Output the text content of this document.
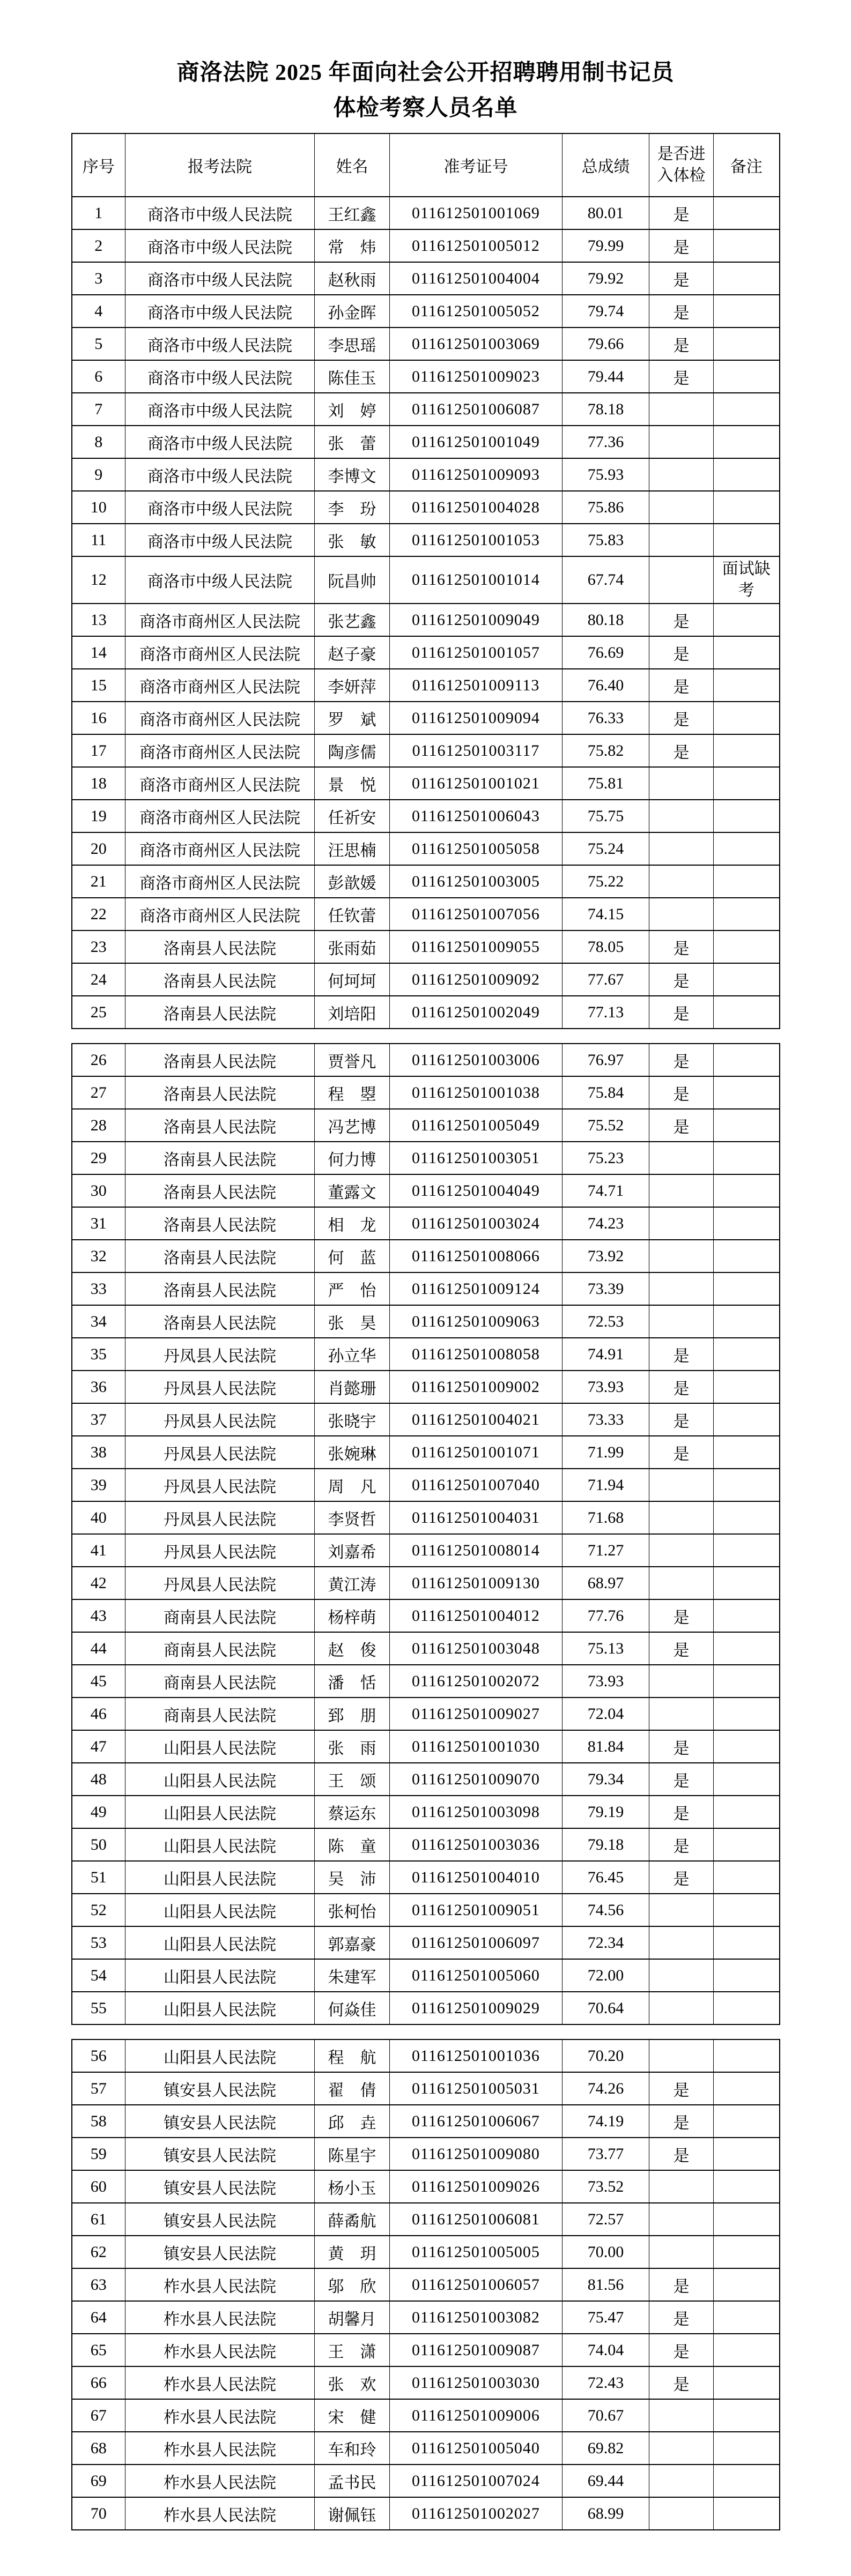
商洛法院 2025 年面向社会公开招聘聘用制书记员
体检考察人员名单
序号	报考法院	姓名	准考证号	总成绩	是否进入体检	备注
1	商洛市中级人民法院	王红鑫	011612501001069	80.01	是	
2	商洛市中级人民法院	常　炜	011612501005012	79.99	是	
3	商洛市中级人民法院	赵秋雨	011612501004004	79.92	是	
4	商洛市中级人民法院	孙金晖	011612501005052	79.74	是	
5	商洛市中级人民法院	李思瑶	011612501003069	79.66	是	
6	商洛市中级人民法院	陈佳玉	011612501009023	79.44	是	
7	商洛市中级人民法院	刘　婷	011612501006087	78.18		
8	商洛市中级人民法院	张　蕾	011612501001049	77.36		
9	商洛市中级人民法院	李博文	011612501009093	75.93		
10	商洛市中级人民法院	李　玢	011612501004028	75.86		
11	商洛市中级人民法院	张　敏	011612501001053	75.83		
12	商洛市中级人民法院	阮昌帅	011612501001014	67.74		面试缺考
13	商洛市商州区人民法院	张艺鑫	011612501009049	80.18	是	
14	商洛市商州区人民法院	赵子豪	011612501001057	76.69	是	
15	商洛市商州区人民法院	李妍萍	011612501009113	76.40	是	
16	商洛市商州区人民法院	罗　斌	011612501009094	76.33	是	
17	商洛市商州区人民法院	陶彦儒	011612501003117	75.82	是	
18	商洛市商州区人民法院	景　悦	011612501001021	75.81		
19	商洛市商州区人民法院	任祈安	011612501006043	75.75		
20	商洛市商州区人民法院	汪思楠	011612501005058	75.24		
21	商洛市商州区人民法院	彭歆媛	011612501003005	75.22		
22	商洛市商州区人民法院	任钦蕾	011612501007056	74.15		
23	洛南县人民法院	张雨茹	011612501009055	78.05	是	
24	洛南县人民法院	何坷坷	011612501009092	77.67	是	
25	洛南县人民法院	刘培阳	011612501002049	77.13	是	
26	洛南县人民法院	贾誉凡	011612501003006	76.97	是	
27	洛南县人民法院	程　曌	011612501001038	75.84	是	
28	洛南县人民法院	冯艺博	011612501005049	75.52	是	
29	洛南县人民法院	何力博	011612501003051	75.23		
30	洛南县人民法院	董露文	011612501004049	74.71		
31	洛南县人民法院	相　龙	011612501003024	74.23		
32	洛南县人民法院	何　蓝	011612501008066	73.92		
33	洛南县人民法院	严　怡	011612501009124	73.39		
34	洛南县人民法院	张　昊	011612501009063	72.53		
35	丹凤县人民法院	孙立华	011612501008058	74.91	是	
36	丹凤县人民法院	肖懿珊	011612501009002	73.93	是	
37	丹凤县人民法院	张晓宇	011612501004021	73.33	是	
38	丹凤县人民法院	张婉琳	011612501001071	71.99	是	
39	丹凤县人民法院	周　凡	011612501007040	71.94		
40	丹凤县人民法院	李贤哲	011612501004031	71.68		
41	丹凤县人民法院	刘嘉希	011612501008014	71.27		
42	丹凤县人民法院	黄江涛	011612501009130	68.97		
43	商南县人民法院	杨梓萌	011612501004012	77.76	是	
44	商南县人民法院	赵　俊	011612501003048	75.13	是	
45	商南县人民法院	潘　恬	011612501002072	73.93		
46	商南县人民法院	郅　朋	011612501009027	72.04		
47	山阳县人民法院	张　雨	011612501001030	81.84	是	
48	山阳县人民法院	王　颂	011612501009070	79.34	是	
49	山阳县人民法院	蔡运东	011612501003098	79.19	是	
50	山阳县人民法院	陈　童	011612501003036	79.18	是	
51	山阳县人民法院	吴　沛	011612501004010	76.45	是	
52	山阳县人民法院	张柯怡	011612501009051	74.56		
53	山阳县人民法院	郭嘉豪	011612501006097	72.34		
54	山阳县人民法院	朱建军	011612501005060	72.00		
55	山阳县人民法院	何焱佳	011612501009029	70.64		
56	山阳县人民法院	程　航	011612501001036	70.20		
57	镇安县人民法院	翟　倩	011612501005031	74.26	是	
58	镇安县人民法院	邱　垚	011612501006067	74.19	是	
59	镇安县人民法院	陈星宇	011612501009080	73.77	是	
60	镇安县人民法院	杨小玉	011612501009026	73.52		
61	镇安县人民法院	薛矞航	011612501006081	72.57		
62	镇安县人民法院	黄　玥	011612501005005	70.00		
63	柞水县人民法院	邬　欣	011612501006057	81.56	是	
64	柞水县人民法院	胡馨月	011612501003082	75.47	是	
65	柞水县人民法院	王　潇	011612501009087	74.04	是	
66	柞水县人民法院	张　欢	011612501003030	72.43	是	
67	柞水县人民法院	宋　健	011612501009006	70.67		
68	柞水县人民法院	车和玲	011612501005040	69.82		
69	柞水县人民法院	孟书民	011612501007024	69.44		
70	柞水县人民法院	谢佩钰	011612501002027	68.99		
